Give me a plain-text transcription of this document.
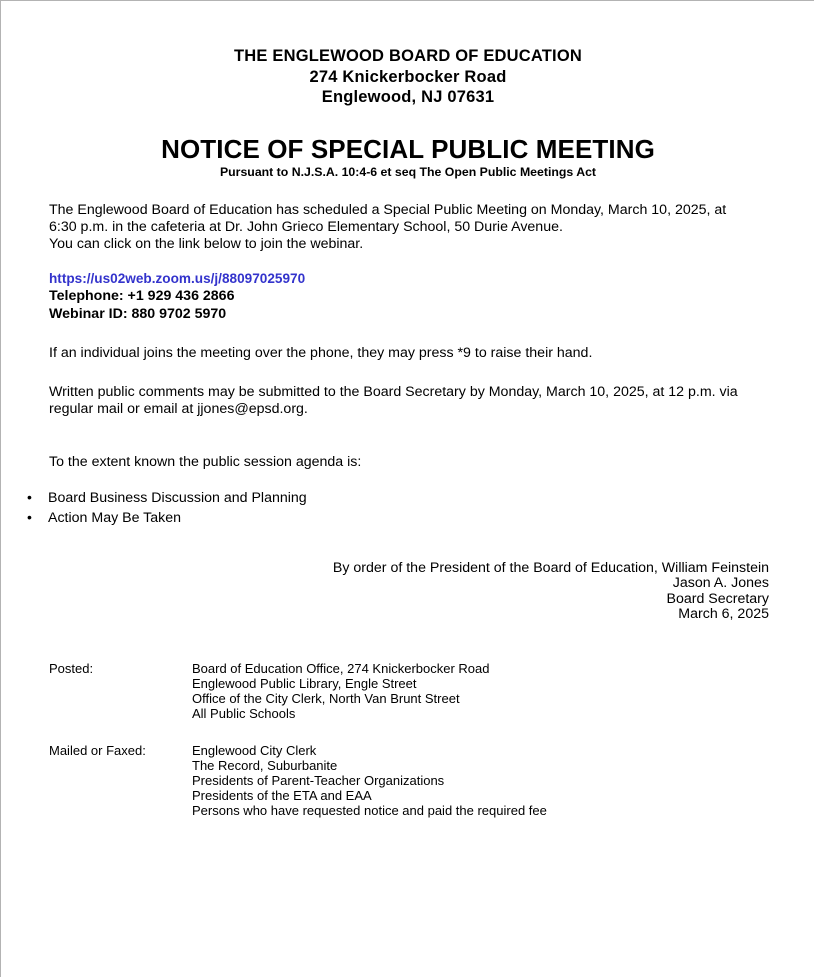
THE ENGLEWOOD BOARD OF EDUCATION
274 Knickerbocker Road
Englewood, NJ 07631
NOTICE OF SPECIAL PUBLIC MEETING
Pursuant to N.J.S.A. 10:4-6 et seq The Open Public Meetings Act
The Englewood Board of Education has scheduled a Special Public Meeting on Monday, March 10, 2025, at
6:30 p.m. in the cafeteria at Dr. John Grieco Elementary School, 50 Durie Avenue.
You can click on the link below to join the webinar.
https://us02web.zoom.us/j/88097025970
Telephone: +1 929 436 2866
Webinar ID: 880 9702 5970
If an individual joins the meeting over the phone, they may press *9 to raise their hand.
Written public comments may be submitted to the Board Secretary by Monday, March 10, 2025, at 12 p.m. via regular mail or email at jjones@epsd.org.
To the extent known the public session agenda is:
• Board Business Discussion and Planning
• Action May Be Taken
By order of the President of the Board of Education, William Feinstein
Jason A. Jones
Board Secretary
March 6, 2025
Posted:	Board of Education Office, 274 Knickerbocker Road
Englewood Public Library, Engle Street
Office of the City Clerk, North Van Brunt Street
All Public Schools
Mailed or Faxed:	Englewood City Clerk
The Record, Suburbanite
Presidents of Parent-Teacher Organizations
Presidents of the ETA and EAA
Persons who have requested notice and paid the required fee
